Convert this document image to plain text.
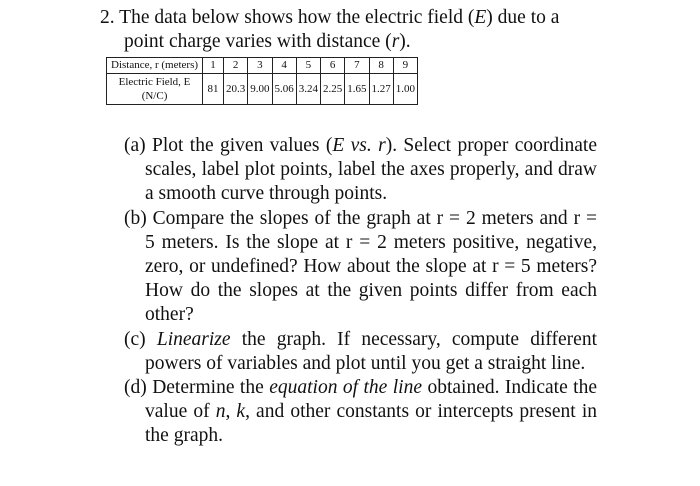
2. The data below shows how the electric field (E) due to a
point charge varies with distance (r).
Distance, r (meters)	1	2	3	4	5	6	7	8	9

Electric Field, E
(N/C)	81	20.3	9.00	5.06	3.24	2.25	1.65	1.27	1.00

(a) Plot the given values (E vs. r). Select proper coordinate scales, label plot points, label the axes properly, and draw a smooth curve through points.

(b) Compare the slopes of the graph at r = 2 meters and r = 5 meters. Is the slope at r = 2 meters positive, negative, zero, or undefined? How about the slope at r = 5 meters? How do the slopes at the given points differ from each other?

(c) Linearize the graph. If necessary, compute different powers of variables and plot until you get a straight line.

(d) Determine the equation of the line obtained. Indicate the value of n, k, and other constants or intercepts present in the graph.
